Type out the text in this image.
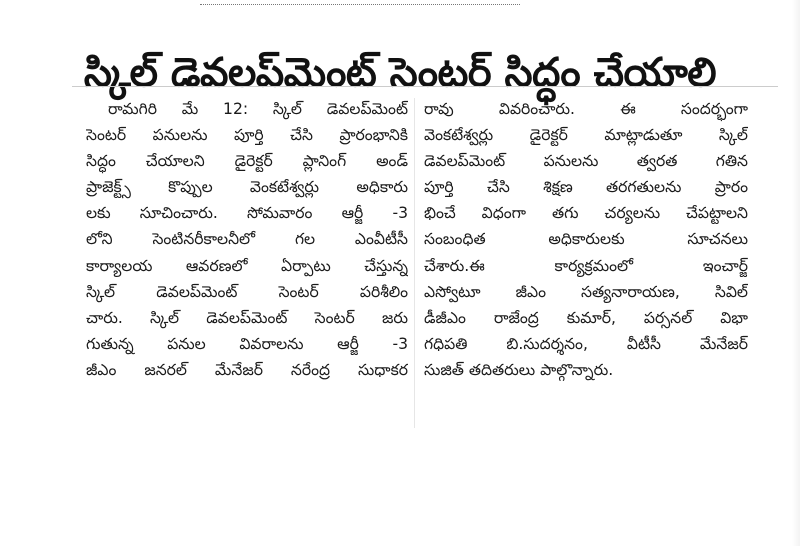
స్కిల్ డెవలప్‌మెంట్ సెంటర్ సిద్ధం చేయాలి
రామగిరి మే 12: స్కిల్ డెవలప్‌మెంట్
సెంటర్ పనులను పూర్తి చేసి ప్రారంభానికి
సిద్ధం చేయాలని డైరెక్టర్ ప్లానింగ్ అండ్
ప్రాజెక్ట్స్ కొప్పుల వెంకటేశ్వర్లు అధికారు
లకు సూచించారు. సోమవారం ఆర్జీ -3
లోని సెంటినరీకాలనీలో గల ఎంవీటీసీ
కార్యాలయ ఆవరణలో ఏర్పాటు చేస్తున్న
స్కిల్ డెవలప్‌మెంట్ సెంటర్ పరిశీలిం
చారు. స్కిల్ డెవలప్‌మెంట్ సెంటర్ జరు
గుతున్న పనుల వివరాలను ఆర్జీ -3
జీఎం జనరల్ మేనేజర్ నరేంద్ర సుధాకర
రావు వివరించారు. ఈ సందర్భంగా
వెంకటేశ్వర్లు డైరెక్టర్ మాట్లాడుతూ స్కిల్
డెవలప్‌మెంట్ పనులను త్వరత గతిన
పూర్తి చేసి శిక్షణ తరగతులను ప్రారం
భించే విధంగా తగు చర్యలను చేపట్టాలని
సంబంధిత అధికారులకు సూచనలు
చేశారు.ఈ కార్యక్రమంలో ఇంచార్జ్
ఎస్వోటూ జీఎం సత్యనారాయణ, సివిల్
డీజీఎం రాజేంద్ర కుమార్, పర్సనల్ విభా
గధిపతి బి.సుదర్శనం, వీటీసీ మేనేజర్
సుజిత్ తదితరులు పాల్గొన్నారు.
